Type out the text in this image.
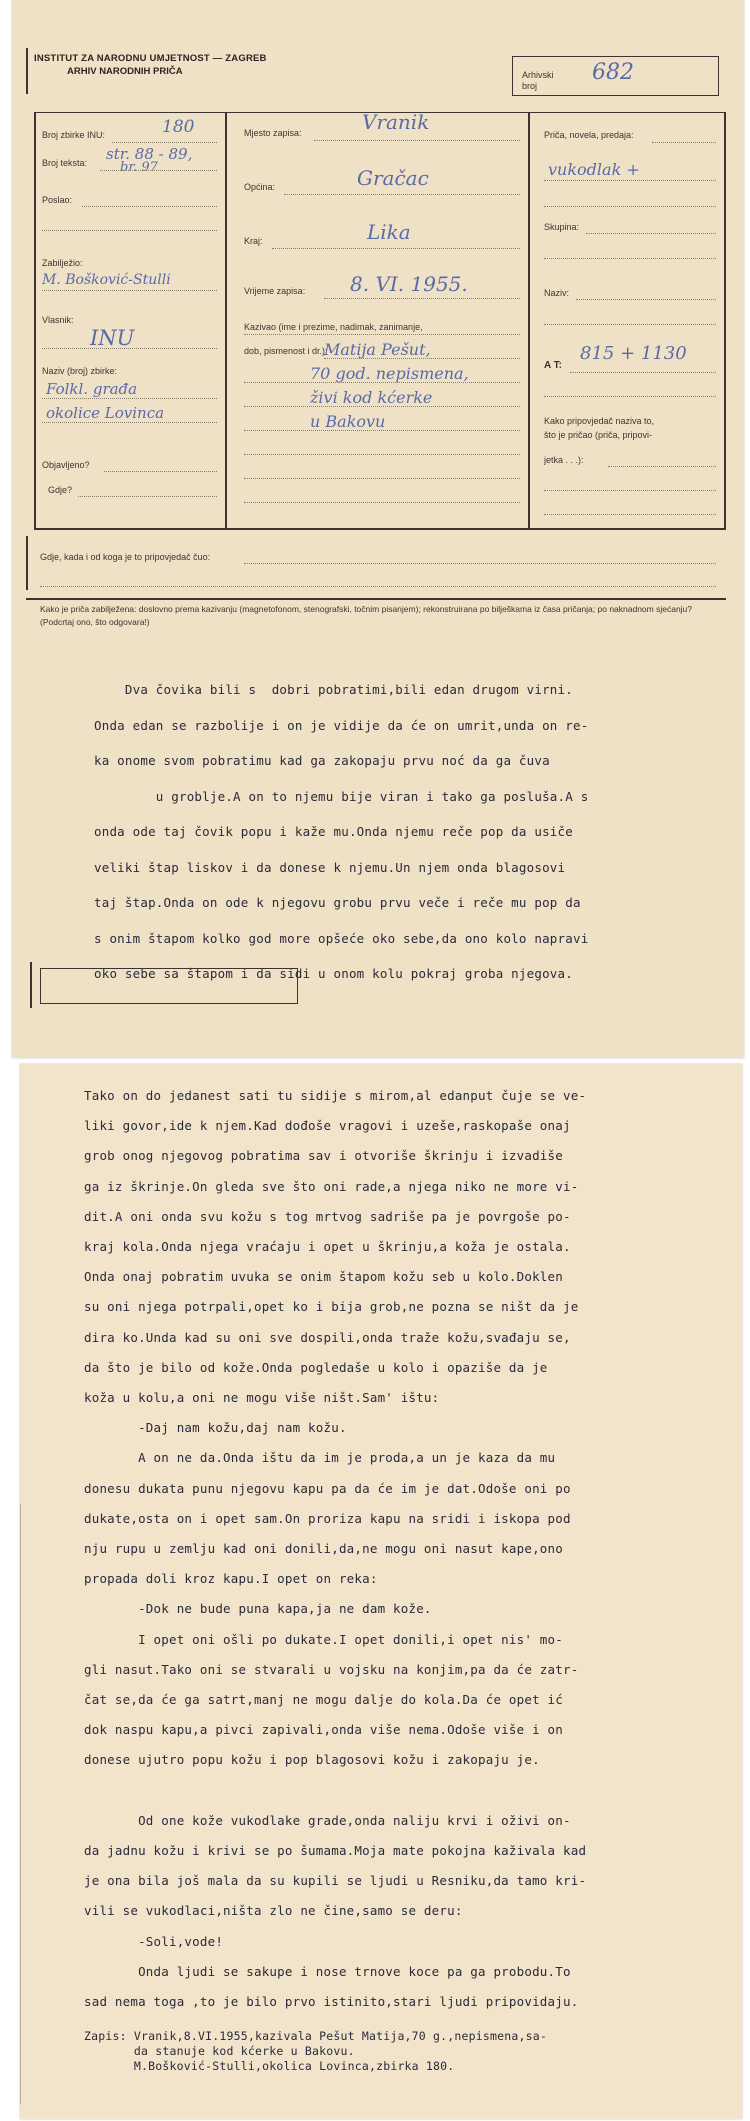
INSTITUT ZA NARODNU UMJETNOST — ZAGREB
ARHIV NARODNIH PRIČA	Arhivski broj
682
Broj zbirke INU:	180
Broj teksta: str. 88 - 89,
br. 97
Poslao:
Zabilježio:
M. Bošković-Stulli
Vlasnik:
INU
Naziv (broj) zbirke:
Folkl. građa
okolice Lovinca
Objavljeno?
Gdje?
Mjesto zapisa:	Vranik
Općina:	Gračac
Kraj:	Lika
Vrijeme zapisa: 8. VI. 1955.
Kazivao (ime i prezime, nadimak, zanimanje,
dob, pismenost i dr.):
Matija Pešut,
70 god. nepismena,
živi kod kćerke
u Bakovu
Priča, novela, predaja:
vukodlak +
Skupina:
Naziv:
A T:
815 + 1130
Kako pripovjedač naziva to,
što je pričao (priča, pripovi-
jetka . . .):
Gdje, kada i od koga je to pripovjedač čuo:
Kako je priča zabilježena: doslovno prema kazivanju (magnetofonom, stenografski, točnim pisanjem); rekonstruirana po bilješkama iz časa pričanja; po naknadnom sjećanju? (Podcrtaj ono, što odgovara!)
Dva čovika bili s  dobri pobratimi,bili edan drugom virni.
Onda edan se razbolije i on je vidije da će on umrit,unda on re-
ka onome svom pobratimu kad ga zakopaju prvu noć da ga čuva
u groblje.A on to njemu bije viran i tako ga posluša.A s
onda ode taj čovik popu i kaže mu.Onda njemu reče pop da usiče
veliki štap liskov i da donese k njemu.Un njem onda blagosovi
taj štap.Onda on ode k njegovu grobu prvu veče i reče mu pop da
s onim štapom kolko god more opšeće oko sebe,da ono kolo napravi
oko sebe sa štapom i da sidi u onom kolu pokraj groba njegova.
Tako on do jedanest sati tu sidije s mirom,al edanput čuje se ve-
liki govor,ide k njem.Kad dođoše vragovi i uzeše,raskopaše onaj
grob onog njegovog pobratima sav i otvoriše škrinju i izvadiše
ga iz škrinje.On gleda sve što oni rade,a njega niko ne more vi-
dit.A oni onda svu kožu s tog mrtvog sadriše pa je povrgoše po-
kraj kola.Onda njega vraćaju i opet u škrinju,a koža je ostala.
Onda onaj pobratim uvuka se onim štapom kožu seb u kolo.Doklen
su oni njega potrpali,opet ko i bija grob,ne pozna se ništ da je
dira ko.Unda kad su oni sve dospili,onda traže kožu,svađaju se,
da što je bilo od kože.Onda pogledaše u kolo i opaziše da je
koža u kolu,a oni ne mogu više ništ.Sam' ištu:
-Daj nam kožu,daj nam kožu.
A on ne da.Onda ištu da im je proda,a un je kaza da mu
donesu dukata punu njegovu kapu pa da će im je dat.Odoše oni po
dukate,osta on i opet sam.On proriza kapu na sridi i iskopa pod
nju rupu u zemlju kad oni donili,da,ne mogu oni nasut kape,ono
propada doli kroz kapu.I opet on reka:
-Dok ne bude puna kapa,ja ne dam kože.
I opet oni ošli po dukate.I opet donili,i opet nis' mo-
gli nasut.Tako oni se stvarali u vojsku na konjim,pa da će zatr-
čat se,da će ga satrt,manj ne mogu dalje do kola.Da će opet ić
dok naspu kapu,a pivci zapivali,onda više nema.Odoše više i on
donese ujutro popu kožu i pop blagosovi kožu i zakopaju je.
Od one kože vukodlake grade,onda naliju krvi i oživi on-
da jadnu kožu i krivi se po šumama.Moja mate pokojna kaživala kad
je ona bila još mala da su kupili se ljudi u Resniku,da tamo kri-
vili se vukodlaci,ništa zlo ne čine,samo se deru:
-Soli,vode!
Onda ljudi se sakupe i nose trnove koce pa ga probodu.To
sad nema toga ,to je bilo prvo istinito,stari ljudi pripovidaju.
Zapis: Vranik,8.VI.1955,kazivala Pešut Matija,70 g.,nepismena,sa-
da stanuje kod kćerke u Bakovu.
M.Bošković-Stulli,okolica Lovinca,zbirka 180.
